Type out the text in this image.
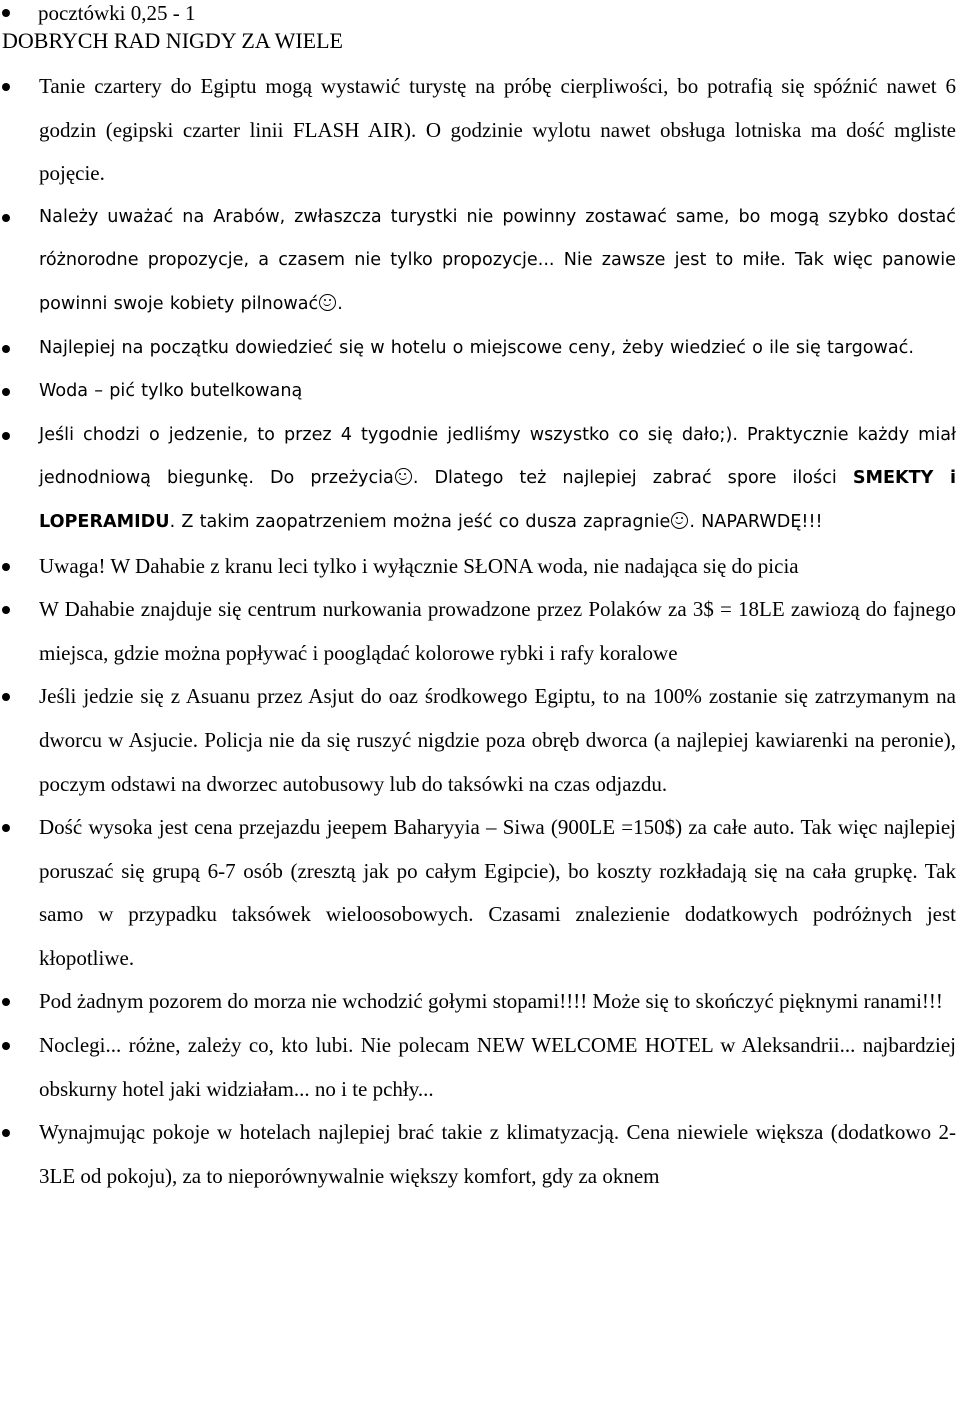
pocztówki 0,25 - 1
DOBRYCH RAD NIGDY ZA WIELE
Tanie czartery do Egiptu mogą wystawić turystę na próbę cierpliwości, bo potrafią się spóźnić nawet 6 godzin (egipski czarter linii FLASH AIR). O godzinie wylotu nawet obsługa lotniska ma dość mgliste pojęcie.
Należy uważać na Arabów, zwłaszcza turystki nie powinny zostawać same, bo mogą szybko dostać różnorodne propozycje, a czasem nie tylko propozycje... Nie zawsze jest to miłe. Tak więc panowie powinni swoje kobiety pilnować .
Najlepiej na początku dowiedzieć się w hotelu o miejscowe ceny, żeby wiedzieć o ile się targować.
Woda – pić tylko butelkowaną
Jeśli chodzi o jedzenie, to przez 4 tygodnie jedliśmy wszystko co się dało;). Praktycznie każdy miał jednodniową biegunkę. Do przeżycia . Dlatego też najlepiej zabrać spore ilości SMEKTY i LOPERAMIDU. Z takim zaopatrzeniem można jeść co dusza zapragnie . NAPARWDĘ!!!
Uwaga! W Dahabie z kranu leci tylko i wyłącznie SŁONA woda, nie nadająca się do picia
W Dahabie znajduje się centrum nurkowania prowadzone przez Polaków za 3$ = 18LE zawiozą do fajnego miejsca, gdzie można popływać i pooglądać kolorowe rybki i rafy koralowe
Jeśli jedzie się z Asuanu przez Asjut do oaz środkowego Egiptu, to na 100% zostanie się zatrzymanym na dworcu w Asjucie. Policja nie da się ruszyć nigdzie poza obręb dworca (a najlepiej kawiarenki na peronie), poczym odstawi na dworzec autobusowy lub do taksówki na czas odjazdu.
Dość wysoka jest cena przejazdu jeepem Baharyyia – Siwa (900LE =150$) za całe auto. Tak więc najlepiej poruszać się grupą 6-7 osób (zresztą jak po całym Egipcie), bo koszty rozkładają się na cała grupkę. Tak samo w przypadku taksówek wieloosobowych. Czasami znalezienie dodatkowych podróżnych jest kłopotliwe.
Pod żadnym pozorem do morza nie wchodzić gołymi stopami!!!! Może się to skończyć pięknymi ranami!!!
Noclegi... różne, zależy co, kto lubi. Nie polecam NEW WELCOME HOTEL w Aleksandrii... najbardziej obskurny hotel jaki widziałam... no i te pchły...
Wynajmując pokoje w hotelach najlepiej brać takie z klimatyzacją. Cena niewiele większa (dodatkowo 2-3LE od pokoju), za to nieporównywalnie większy komfort, gdy za oknem
